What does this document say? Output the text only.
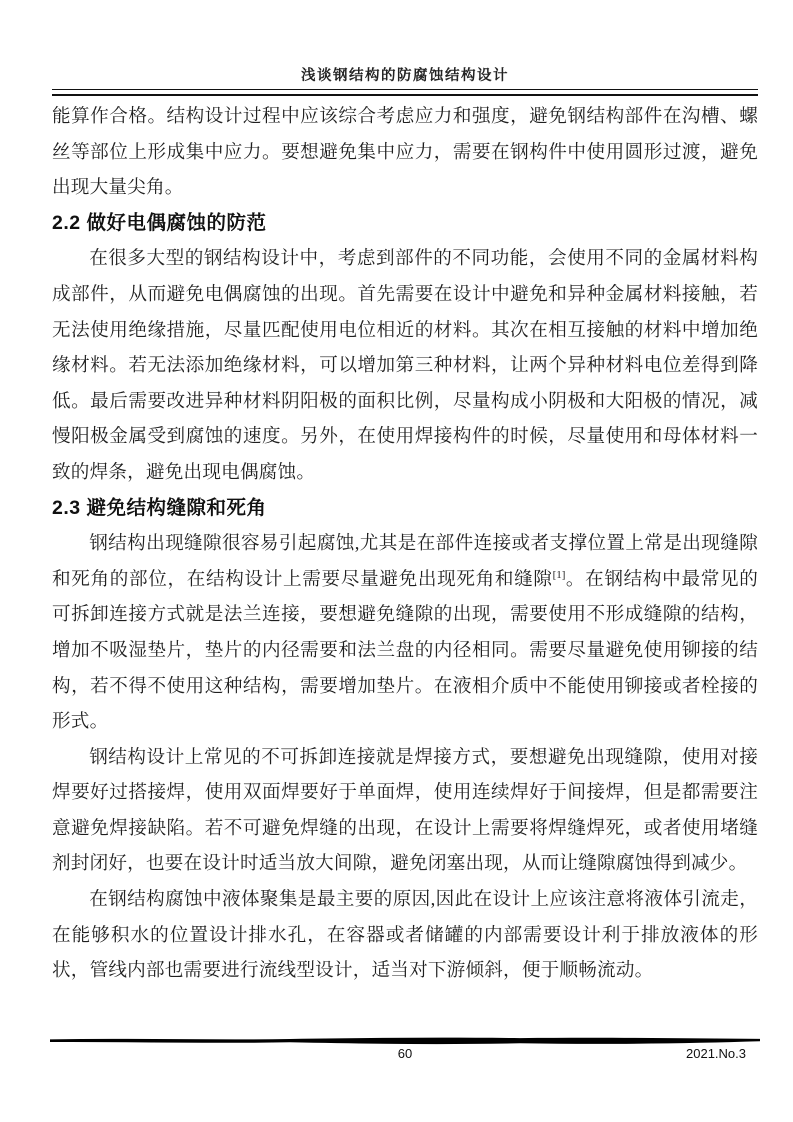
浅谈钢结构的防腐蚀结构设计

能算作合格。结构设计过程中应该综合考虑应力和强度，避免钢结构部件在沟槽、螺丝等部位上形成集中应力。要想避免集中应力，需要在钢构件中使用圆形过渡，避免出现大量尖角。

2.2 做好电偶腐蚀的防范

在很多大型的钢结构设计中，考虑到部件的不同功能，会使用不同的金属材料构成部件，从而避免电偶腐蚀的出现。首先需要在设计中避免和异种金属材料接触，若无法使用绝缘措施，尽量匹配使用电位相近的材料。其次在相互接触的材料中增加绝缘材料。若无法添加绝缘材料，可以增加第三种材料，让两个异种材料电位差得到降低。最后需要改进异种材料阴阳极的面积比例，尽量构成小阴极和大阳极的情况，减慢阳极金属受到腐蚀的速度。另外，在使用焊接构件的时候，尽量使用和母体材料一致的焊条，避免出现电偶腐蚀。

2.3 避免结构缝隙和死角

钢结构出现缝隙很容易引起腐蚀,尤其是在部件连接或者支撑位置上常是出现缝隙和死角的部位，在结构设计上需要尽量避免出现死角和缝隙[1]。在钢结构中最常见的可拆卸连接方式就是法兰连接，要想避免缝隙的出现，需要使用不形成缝隙的结构，增加不吸湿垫片，垫片的内径需要和法兰盘的内径相同。需要尽量避免使用铆接的结构，若不得不使用这种结构，需要增加垫片。在液相介质中不能使用铆接或者栓接的形式。

钢结构设计上常见的不可拆卸连接就是焊接方式，要想避免出现缝隙，使用对接焊要好过搭接焊，使用双面焊要好于单面焊，使用连续焊好于间接焊，但是都需要注意避免焊接缺陷。若不可避免焊缝的出现，在设计上需要将焊缝焊死，或者使用堵缝剂封闭好，也要在设计时适当放大间隙，避免闭塞出现，从而让缝隙腐蚀得到减少。

在钢结构腐蚀中液体聚集是最主要的原因,因此在设计上应该注意将液体引流走，在能够积水的位置设计排水孔，在容器或者储罐的内部需要设计利于排放液体的形状，管线内部也需要进行流线型设计，适当对下游倾斜，便于顺畅流动。

60	2021.No.3
